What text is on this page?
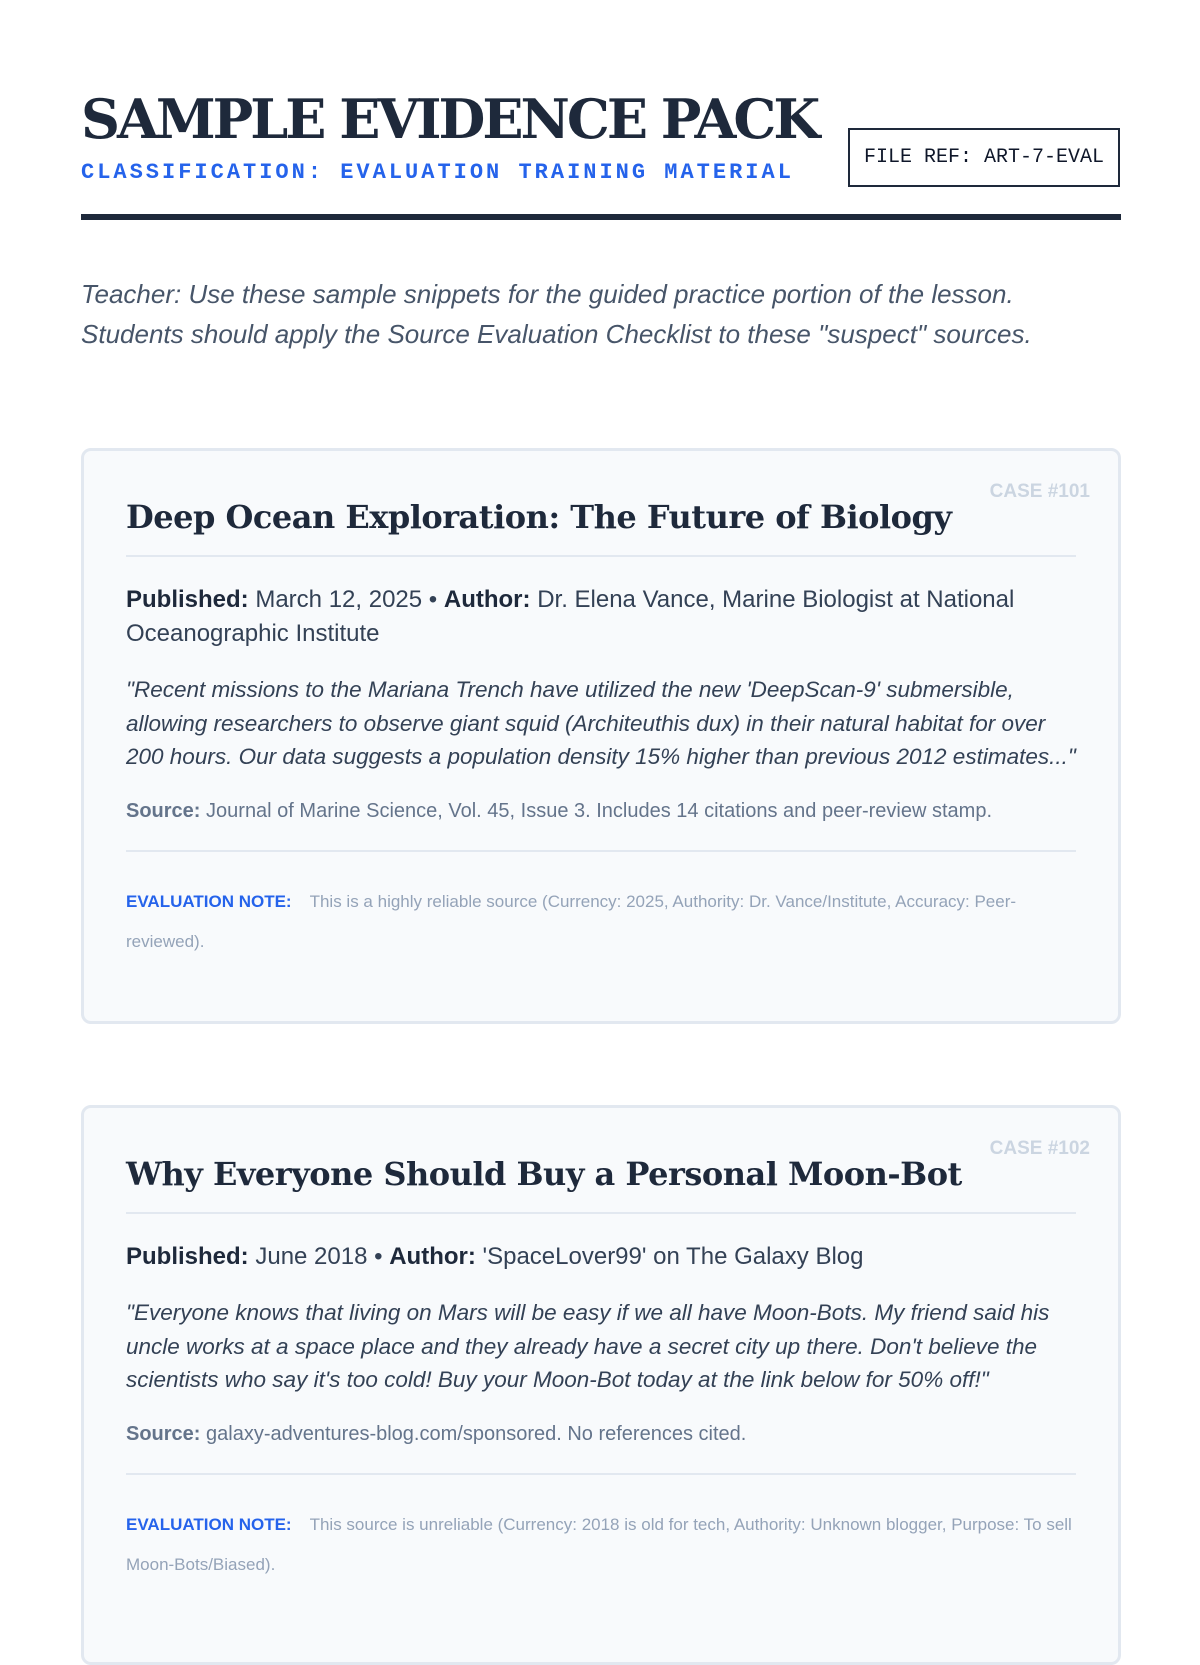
SAMPLE EVIDENCE PACK
CLASSIFICATION: EVALUATION TRAINING MATERIAL
FILE REF: ART-7-EVAL

Teacher: Use these sample snippets for the guided practice portion of the lesson. Students should apply the Source Evaluation Checklist to these "suspect" sources.

CASE #101
Deep Ocean Exploration: The Future of Biology

Published: March 12, 2025 • Author: Dr. Elena Vance, Marine Biologist at National Oceanographic Institute

"Recent missions to the Mariana Trench have utilized the new 'DeepScan-9' submersible, allowing researchers to observe giant squid (Architeuthis dux) in their natural habitat for over 200 hours. Our data suggests a population density 15% higher than previous 2012 estimates..."

Source: Journal of Marine Science, Vol. 45, Issue 3. Includes 14 citations and peer-review stamp.

EVALUATION NOTE: This is a highly reliable source (Currency: 2025, Authority: Dr. Vance/Institute, Accuracy: Peer-reviewed).

CASE #102
Why Everyone Should Buy a Personal Moon-Bot

Published: June 2018 • Author: 'SpaceLover99' on The Galaxy Blog

"Everyone knows that living on Mars will be easy if we all have Moon-Bots. My friend said his uncle works at a space place and they already have a secret city up there. Don't believe the scientists who say it's too cold! Buy your Moon-Bot today at the link below for 50% off!"

Source: galaxy-adventures-blog.com/sponsored. No references cited.

EVALUATION NOTE: This source is unreliable (Currency: 2018 is old for tech, Authority: Unknown blogger, Purpose: To sell Moon-Bots/Biased).
